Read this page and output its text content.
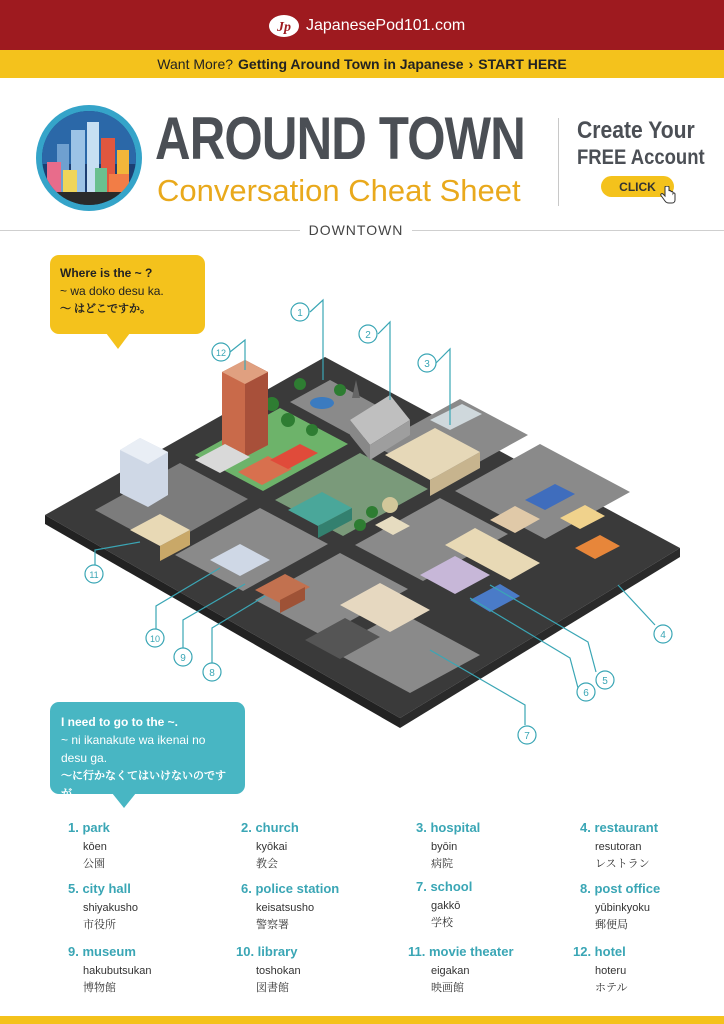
Jp JapanesePod101.com
Want More? Getting Around Town in Japanese › START HERE
AROUND TOWN
Conversation Cheat Sheet
Create Your
FREE Account
CLICK
DOWNTOWN
1
2
3
4
5
6
7
8
9
10
11
12
Where is the ~ ?
~ wa doko desu ka.
～ はどこですか。
I need to go to the ~.
~ ni ikanakute wa ikenai no
desu ga.
～に行かなくてはいけないのですが。
1. park
kōen
公園
2. church
kyōkai
教会
3. hospital
byōin
病院
4. restaurant
resutoran
レストラン
5. city hall
shiyakusho
市役所
6. police station
keisatsusho
警察署
7. school
gakkō
学校
8. post office
yūbinkyoku
郵便局
9. museum
hakubutsukan
博物館
10. library
toshokan
図書館
11. movie theater
eigakan
映画館
12. hotel
hoteru
ホテル
